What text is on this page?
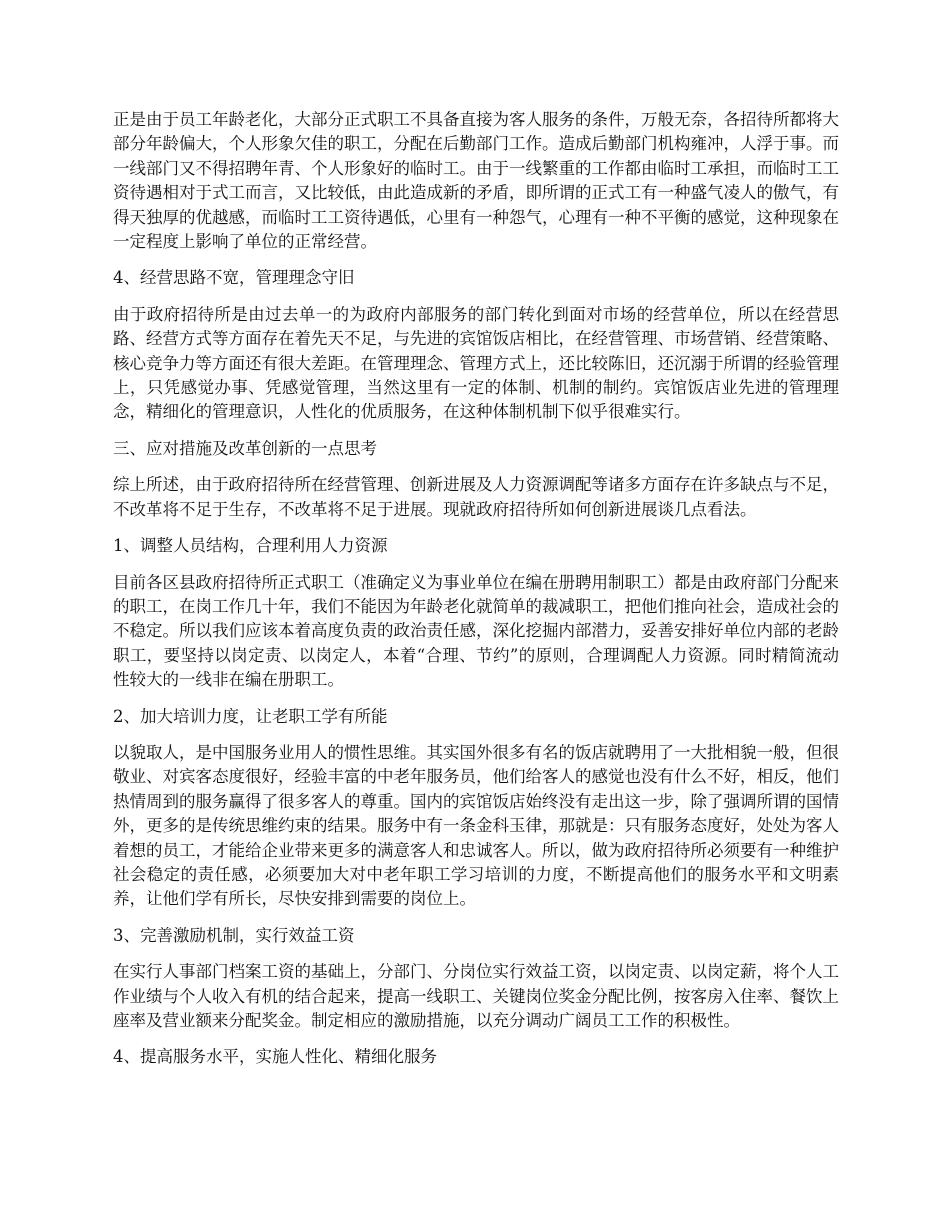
正是由于员工年龄老化，大部分正式职工不具备直接为客人服务的条件，万般无奈，各招待所都将大部分年龄偏大，个人形象欠佳的职工，分配在后勤部门工作。造成后勤部门机构雍冲，人浮于事。而一线部门又不得招聘年青、个人形象好的临时工。由于一线繁重的工作都由临时工承担，而临时工工资待遇相对于式工而言，又比较低，由此造成新的矛盾，即所谓的正式工有一种盛气凌人的傲气，有得天独厚的优越感，而临时工工资待遇低，心里有一种怨气，心理有一种不平衡的感觉，这种现象在一定程度上影响了单位的正常经营。

4、经营思路不宽，管理理念守旧

由于政府招待所是由过去单一的为政府内部服务的部门转化到面对市场的经营单位，所以在经营思路、经营方式等方面存在着先天不足，与先进的宾馆饭店相比，在经营管理、市场营销、经营策略、核心竞争力等方面还有很大差距。在管理理念、管理方式上，还比较陈旧，还沉溺于所谓的经验管理上，只凭感觉办事、凭感觉管理，当然这里有一定的体制、机制的制约。宾馆饭店业先进的管理理念，精细化的管理意识，人性化的优质服务，在这种体制机制下似乎很难实行。

三、应对措施及改革创新的一点思考

综上所述，由于政府招待所在经营管理、创新进展及人力资源调配等诸多方面存在许多缺点与不足，不改革将不足于生存，不改革将不足于进展。现就政府招待所如何创新进展谈几点看法。

1、调整人员结构，合理利用人力资源

目前各区县政府招待所正式职工（准确定义为事业单位在编在册聘用制职工）都是由政府部门分配来的职工，在岗工作几十年，我们不能因为年龄老化就简单的裁减职工，把他们推向社会，造成社会的不稳定。所以我们应该本着高度负责的政治责任感，深化挖掘内部潜力，妥善安排好单位内部的老龄职工，要坚持以岗定责、以岗定人，本着“合理、节约”的原则，合理调配人力资源。同时精简流动性较大的一线非在编在册职工。

2、加大培训力度，让老职工学有所能

以貌取人，是中国服务业用人的惯性思维。其实国外很多有名的饭店就聘用了一大批相貌一般，但很敬业、对宾客态度很好，经验丰富的中老年服务员，他们给客人的感觉也没有什么不好，相反，他们热情周到的服务赢得了很多客人的尊重。国内的宾馆饭店始终没有走出这一步，除了强调所谓的国情外，更多的是传统思维约束的结果。服务中有一条金科玉律，那就是：只有服务态度好，处处为客人着想的员工，才能给企业带来更多的满意客人和忠诚客人。所以，做为政府招待所必须要有一种维护社会稳定的责任感，必须要加大对中老年职工学习培训的力度，不断提高他们的服务水平和文明素养，让他们学有所长，尽快安排到需要的岗位上。

3、完善激励机制，实行效益工资

在实行人事部门档案工资的基础上，分部门、分岗位实行效益工资，以岗定责、以岗定薪，将个人工作业绩与个人收入有机的结合起来，提高一线职工、关键岗位奖金分配比例，按客房入住率、餐饮上座率及营业额来分配奖金。制定相应的激励措施，以充分调动广阔员工工作的积极性。

4、提高服务水平，实施人性化、精细化服务
